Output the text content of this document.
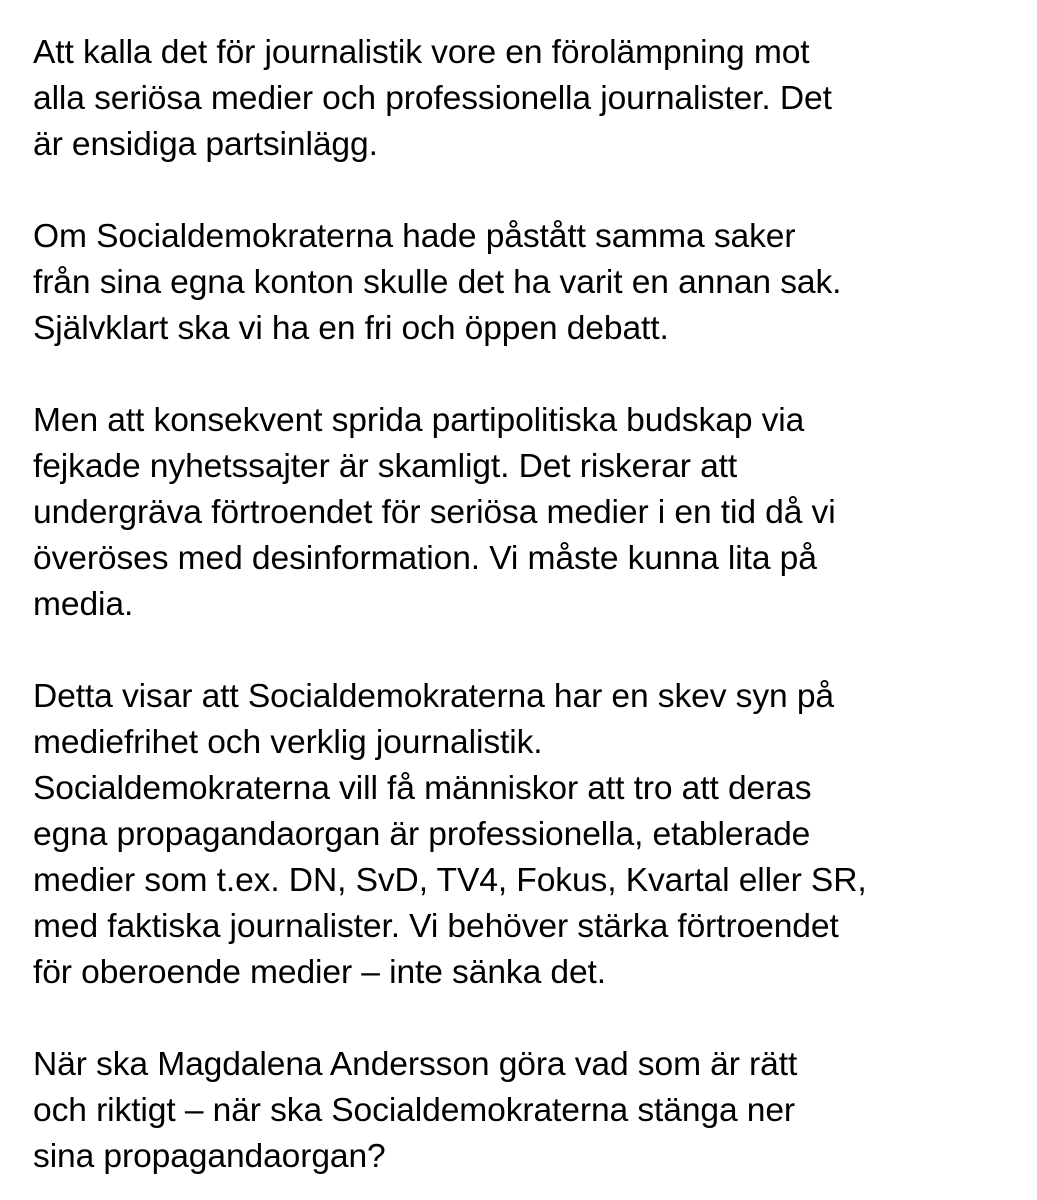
Att kalla det för journalistik vore en förolämpning mot
alla seriösa medier och professionella journalister. Det
är ensidiga partsinlägg.
Om Socialdemokraterna hade påstått samma saker
från sina egna konton skulle det ha varit en annan sak.
Självklart ska vi ha en fri och öppen debatt.
Men att konsekvent sprida partipolitiska budskap via
fejkade nyhetssajter är skamligt. Det riskerar att
undergräva förtroendet för seriösa medier i en tid då vi
överöses med desinformation. Vi måste kunna lita på
media.
Detta visar att Socialdemokraterna har en skev syn på
mediefrihet och verklig journalistik.
Socialdemokraterna vill få människor att tro att deras
egna propagandaorgan är professionella, etablerade
medier som t.ex. DN, SvD, TV4, Fokus, Kvartal eller SR,
med faktiska journalister. Vi behöver stärka förtroendet
för oberoende medier – inte sänka det.
När ska Magdalena Andersson göra vad som är rätt
och riktigt – när ska Socialdemokraterna stänga ner
sina propagandaorgan?
